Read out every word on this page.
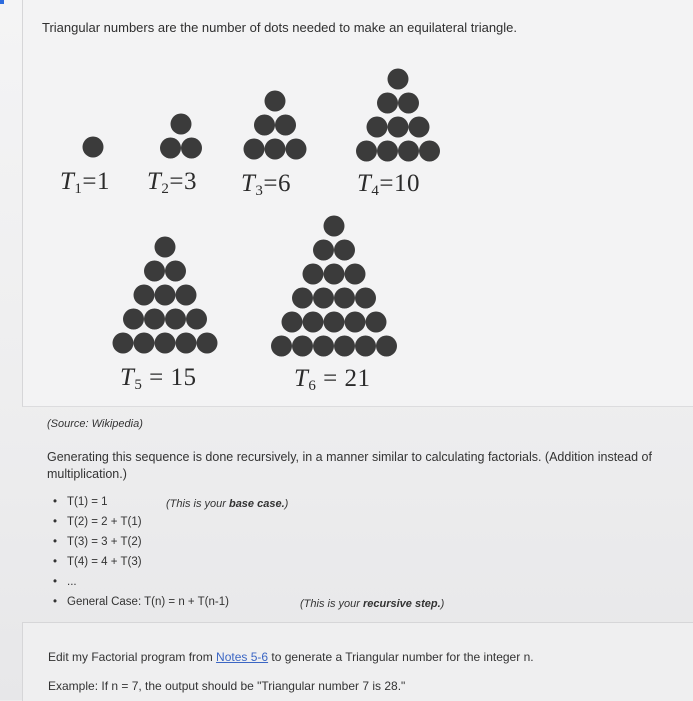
Triangular numbers are the number of dots needed to make an equilateral triangle.
$T_1=1$ $T_2=3$ $T_3=6$	$T_4=10$
$T_5 = 15$	$T_6 = 21$
(Source: Wikipedia)
Generating this sequence is done recursively, in a manner similar to calculating factorials. (Addition instead of
multiplication.)
• T(1) = 1
• T(2) = 2 + T(1)
• T(3) = 3 + T(2)
• T(4) = 4 + T(3)
• ...
• General Case: T(n) = n + T(n-1)
(This is your base case.)
(This is your recursive step.)
Edit my Factorial program from Notes 5-6 to generate a Triangular number for the integer n.
Example: If n = 7, the output should be "Triangular number 7 is 28."
